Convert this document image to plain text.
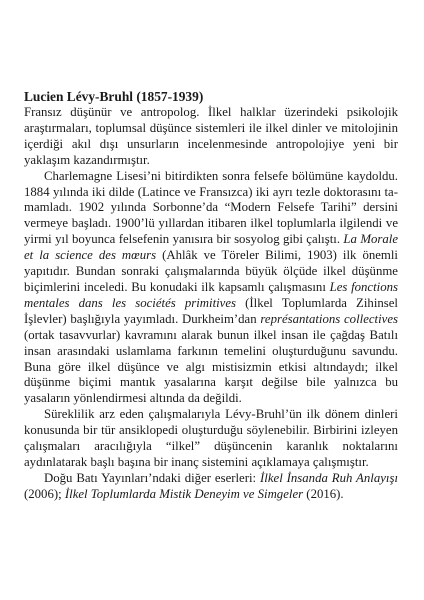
Lucien Lévy-Bruhl (1857-1939)

Fransız düşünür ve antropolog. İlkel halklar üzerindeki psikolojik araştırmaları, toplumsal düşünce sistemleri ile ilkel dinler ve mitolojinin içerdiği akıl dışı unsurların incelenmesinde antropolojiye yeni bir yaklaşım kazandırmıştır.

Charlemagne Lisesi’ni bitirdikten sonra felsefe bölümüne kaydoldu. 1884 yılında iki dilde (Latince ve Fransızca) iki ayrı tezle doktorasını tamamladı. 1902 yılında Sorbonne’da “Modern Felsefe Tarihi” dersini vermeye başladı. 1900’lü yıllardan itibaren ilkel toplumlarla ilgilendi ve yirmi yıl boyunca felsefenin yanısıra bir sosyolog gibi çalıştı. La Morale et la science des mœurs (Ahlâk ve Töreler Bilimi, 1903) ilk önemli yapıtıdır. Bundan sonraki çalışmalarında büyük ölçüde ilkel düşünme biçimlerini inceledi. Bu konudaki ilk kapsamlı çalışmasını Les fonctions mentales dans les sociétés primitives (İlkel Toplumlarda Zihinsel İşlevler) başlığıyla yayımladı. Durkheim’dan représantations collectives (ortak tasavvurlar) kavramını alarak bunun ilkel insan ile çağdaş Batılı insan arasındaki uslamlama farkının temelini oluşturduğunu savundu. Buna göre ilkel düşünce ve algı mistisizmin etkisi altındaydı; ilkel düşünme biçimi mantık yasalarına karşıt değilse bile yalnızca bu yasaların yönlendirmesi altında da değildi.

Süreklilik arz eden çalışmalarıyla Lévy-Bruhl’ün ilk dönem dinleri konusunda bir tür ansiklopedi oluşturduğu söylenebilir. Birbirini izleyen çalışmaları aracılığıyla “ilkel” düşüncenin karanlık noktalarını aydınlatarak başlı başına bir inanç sistemini açıklamaya çalışmıştır.

Doğu Batı Yayınları’ndaki diğer eserleri: İlkel İnsanda Ruh Anlayışı (2006); İlkel Toplumlarda Mistik Deneyim ve Simgeler (2016).
